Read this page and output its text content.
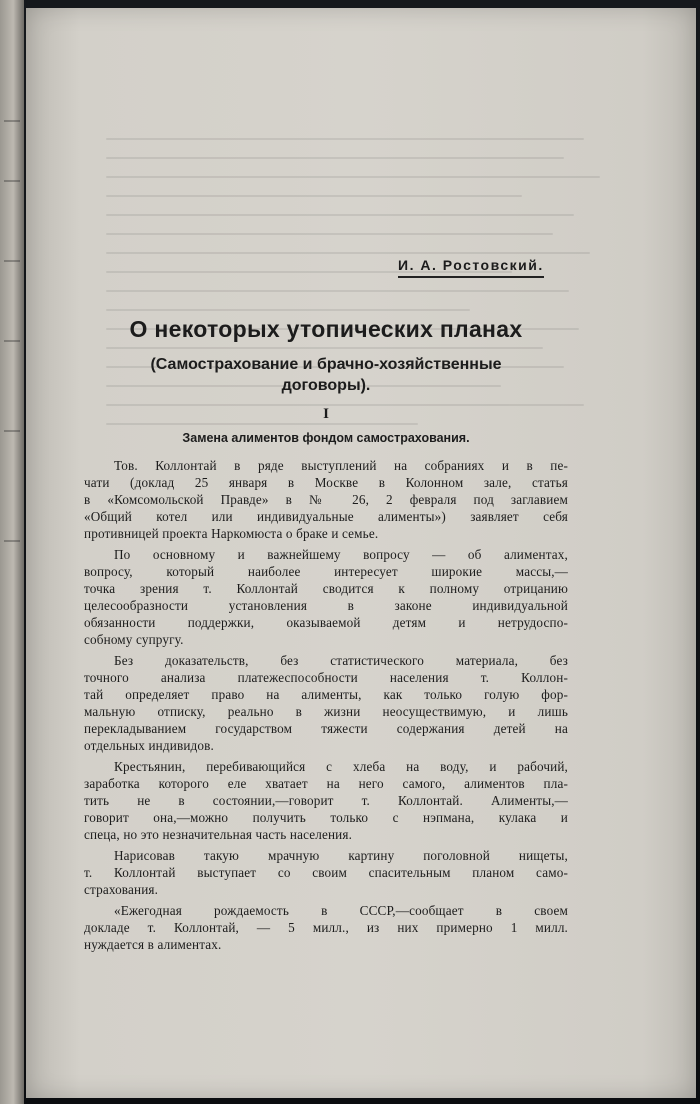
И. А. Ростовский.
О некоторых утопических планах
(Самострахование и брачно-хозяйственные договоры).
I
Замена алиментов фондом самострахования.
Тов. Коллонтай в ряде выступлений на собраниях и в пе-
чати (доклад 25 января в Москве в Колонном зале, статья
в «Комсомольской Правде» в № 26, 2 февраля под заглавием
«Общий котел или индивидуальные алименты») заявляет себя
противницей проекта Наркомюста о браке и семье.
По основному и важнейшему вопросу — об алиментах,
вопросу, который наиболее интересует широкие массы,—
точка зрения т. Коллонтай сводится к полному отрицанию
целесообразности установления в законе индивидуальной
обязанности поддержки, оказываемой детям и нетрудоспо-
собному супругу.
Без доказательств, без статистического материала, без
точного анализа платежеспособности населения т. Коллон-
тай определяет право на алименты, как только голую фор-
мальную отписку, реально в жизни неосуществимую, и лишь
перекладыванием государством тяжести содержания детей на
отдельных индивидов.
Крестьянин, перебивающийся с хлеба на воду, и рабочий,
заработка которого еле хватает на него самого, алиментов пла-
тить не в состоянии,—говорит т. Коллонтай. Алименты,—
говорит она,—можно получить только с нэпмана, кулака и
спеца, но это незначительная часть населения.
Нарисовав такую мрачную картину поголовной нищеты,
т. Коллонтай выступает со своим спасительным планом само-
страхования.
«Ежегодная рождаемость в СССР,—сообщает в своем
докладе т. Коллонтай, — 5 милл., из них примерно 1 милл.
нуждается в алиментах.
